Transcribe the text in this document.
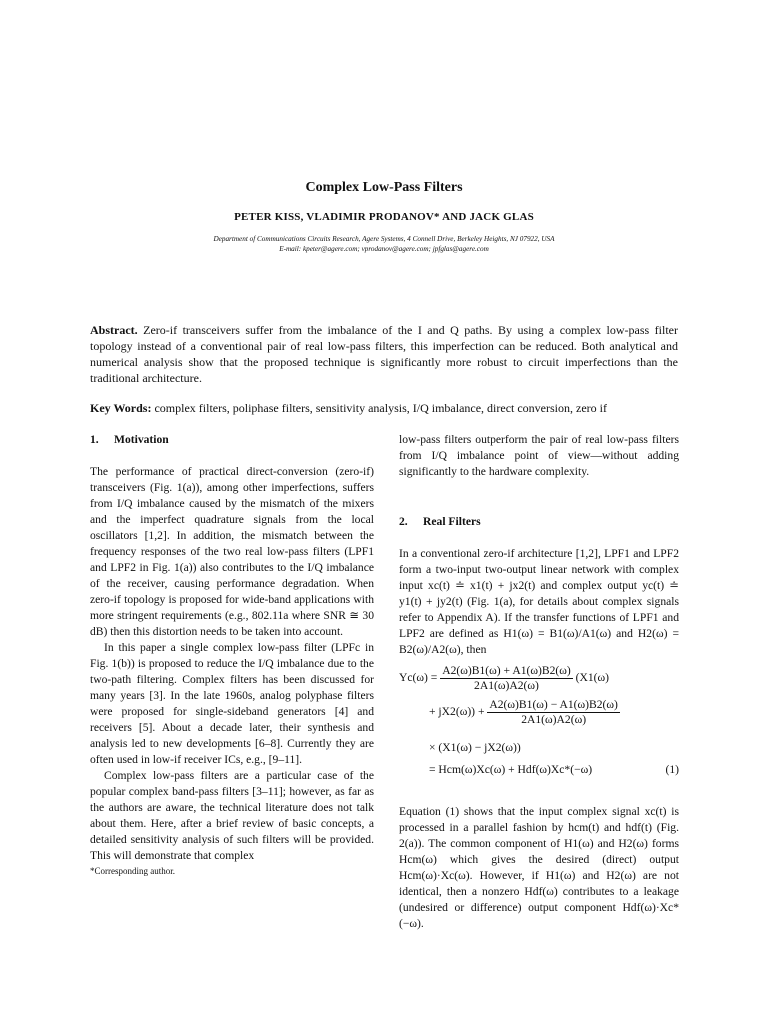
Complex Low-Pass Filters
PETER KISS, VLADIMIR PRODANOV* AND JACK GLAS
Department of Communications Circuits Research, Agere Systems, 4 Connell Drive, Berkeley Heights, NJ 07922, USA
E-mail: kpeter@agere.com; vprodanov@agere.com; jpfglas@agere.com
Abstract. Zero-if transceivers suffer from the imbalance of the I and Q paths. By using a complex low-pass filter topology instead of a conventional pair of real low-pass filters, this imperfection can be reduced. Both analytical and numerical analysis show that the proposed technique is significantly more robust to circuit imperfections than the traditional architecture.
Key Words: complex filters, poliphase filters, sensitivity analysis, I/Q imbalance, direct conversion, zero if
1. Motivation

The performance of practical direct-conversion (zero-if) transceivers (Fig. 1(a)), among other imperfections, suffers from I/Q imbalance caused by the mismatch of the mixers and the imperfect quadrature signals from the local oscillators [1,2]. In addition, the mismatch between the frequency responses of the two real low-pass filters (LPF1 and LPF2 in Fig. 1(a)) also contributes to the I/Q imbalance of the receiver, causing performance degradation. When zero-if topology is proposed for wide-band applications with more stringent requirements (e.g., 802.11a where SNR ≅ 30 dB) then this distortion needs to be taken into account.

In this paper a single complex low-pass filter (LPFc in Fig. 1(b)) is proposed to reduce the I/Q imbalance due to the two-path filtering. Complex filters has been discussed for many years [3]. In the late 1960s, analog polyphase filters were proposed for single-sideband generators [4] and receivers [5]. About a decade later, their synthesis and analysis led to new developments [6–8]. Currently they are often used in low-if receiver ICs, e.g., [9–11].

Complex low-pass filters are a particular case of the popular complex band-pass filters [3–11]; however, as far as the authors are aware, the technical literature does not talk about them. Here, after a brief review of basic concepts, a detailed sensitivity analysis of such filters will be provided. This will demonstrate that complex

*Corresponding author.

low-pass filters outperform the pair of real low-pass filters from I/Q imbalance point of view—without adding significantly to the hardware complexity.

2. Real Filters

In a conventional zero-if architecture [1,2], LPF1 and LPF2 form a two-input two-output linear network with complex input xc(t) ≐ x1(t) + jx2(t) and complex output yc(t) ≐ y1(t) + jy2(t) (Fig. 1(a), for details about complex signals refer to Appendix A). If the transfer functions of LPF1 and LPF2 are defined as H1(ω) = B1(ω)/A1(ω) and H2(ω) = B2(ω)/A2(ω), then

$Yc(\omega) = \frac{A2(\omega)B1(\omega) + A1(\omega)B2(\omega)}{2A1(\omega)A2(\omega)} (X1(\omega)$
+ $jX2(\omega)) + \frac{A2(\omega)B1(\omega) - A1(\omega)B2(\omega)}{2A1(\omega)A2(\omega)}$
× (X1(ω) − jX2(ω))
= Hcm(ω)Xc(ω) + Hdf(ω)Xc*(−ω)	(1)

Equation (1) shows that the input complex signal xc(t) is processed in a parallel fashion by hcm(t) and hdf(t) (Fig. 2(a)). The common component of H1(ω) and H2(ω) forms Hcm(ω) which gives the desired (direct) output Hcm(ω)·Xc(ω). However, if H1(ω) and H2(ω) are not identical, then a nonzero Hdf(ω) contributes to a leakage (undesired or difference) output component Hdf(ω)·Xc*(−ω).
